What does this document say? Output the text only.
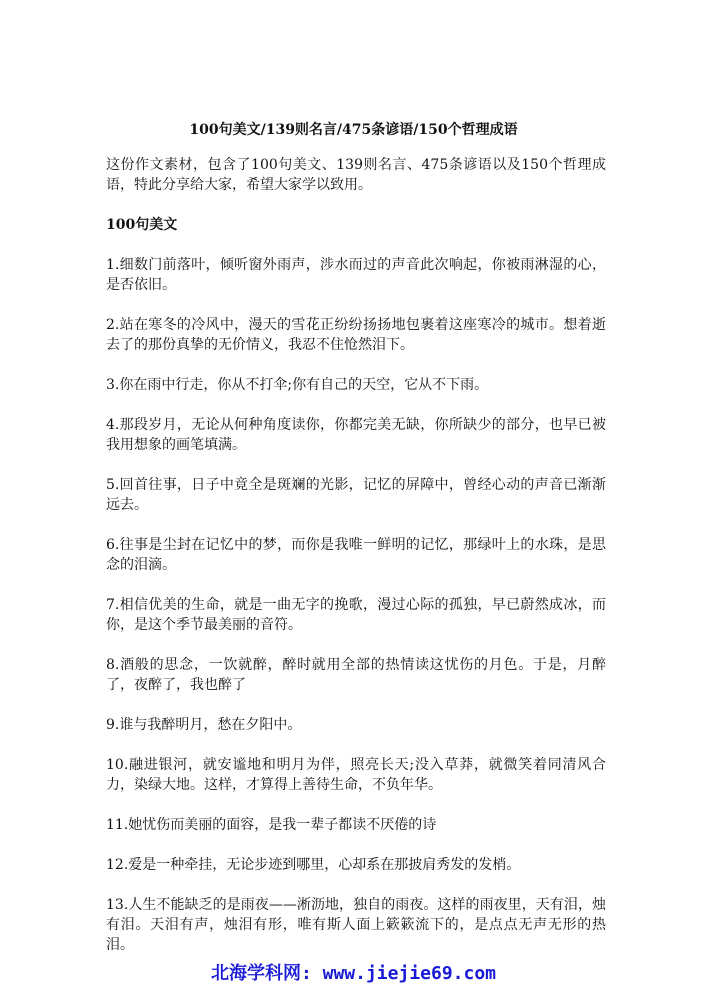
100句美文/139则名言/475条谚语/150个哲理成语

这份作文素材，包含了100句美文、139则名言、475条谚语以及150个哲理成语，特此分享给大家，希望大家学以致用。

100句美文

1.细数门前落叶，倾听窗外雨声，涉水而过的声音此次响起，你被雨淋湿的心，是否依旧。

2.站在寒冬的冷风中，漫天的雪花正纷纷扬扬地包裹着这座寒冷的城市。想着逝去了的那份真挚的无价情义，我忍不住怆然泪下。

3.你在雨中行走，你从不打伞;你有自己的天空，它从不下雨。

4.那段岁月，无论从何种角度读你，你都完美无缺，你所缺少的部分，也早已被我用想象的画笔填满。

5.回首往事，日子中竟全是斑斓的光影，记忆的屏障中，曾经心动的声音已渐渐远去。

6.往事是尘封在记忆中的梦，而你是我唯一鲜明的记忆，那绿叶上的水珠，是思念的泪滴。

7.相信优美的生命，就是一曲无字的挽歌，漫过心际的孤独，早已蔚然成冰，而你，是这个季节最美丽的音符。

8.酒般的思念，一饮就醉，醉时就用全部的热情读这忧伤的月色。于是，月醉了，夜醉了，我也醉了

9.谁与我醉明月，愁在夕阳中。

10.融进银河，就安谧地和明月为伴，照亮长天;没入草莽，就微笑着同清风合力，染绿大地。这样，才算得上善待生命，不负年华。

11.她忧伤而美丽的面容，是我一辈子都读不厌倦的诗

12.爱是一种牵挂，无论步迹到哪里，心却系在那披肩秀发的发梢。

13.人生不能缺乏的是雨夜——淅沥地，独自的雨夜。这样的雨夜里，天有泪，烛有泪。天泪有声，烛泪有形，唯有斯人面上簌簌流下的，是点点无声无形的热泪。

北海学科网: www.jiejie69.com
